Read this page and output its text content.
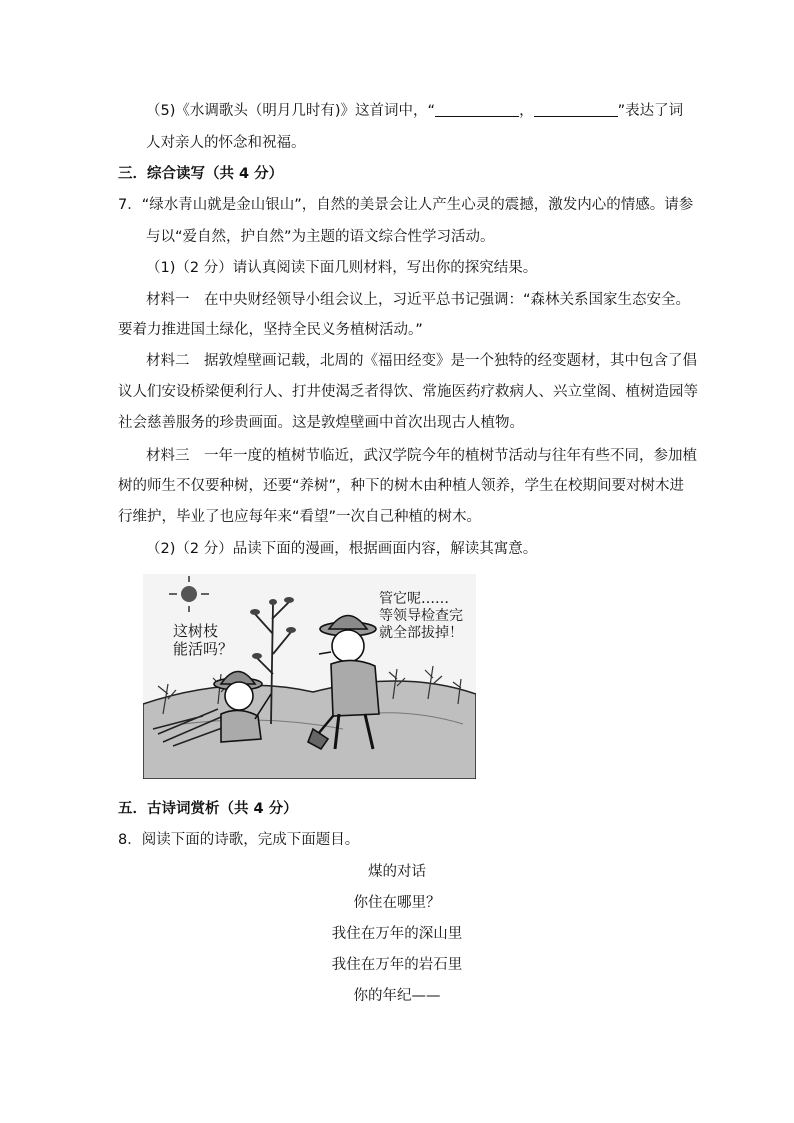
（5)《水调歌头（明月几时有)》这首词中，“	，	”表达了词
人对亲人的怀念和祝福。
三．综合读写（共 4 分）
7．“绿水青山就是金山银山”，自然的美景会让人产生心灵的震撼，激发内心的情感。请参
与以“爱自然，护自然”为主题的语文综合性学习活动。
（1)（2 分）请认真阅读下面几则材料，写出你的探究结果。
材料一　在中央财经领导小组会议上，习近平总书记强调：“森林关系国家生态安全。
要着力推进国土绿化，坚持全民义务植树活动。”
材料二　据敦煌壁画记载，北周的《福田经变》是一个独特的经变题材，其中包含了倡
议人们安设桥梁便利行人、打井使渴乏者得饮、常施医药疗救病人、兴立堂阁、植树造园等
社会慈善服务的珍贵画面。这是敦煌壁画中首次出现古人植物。
材料三　一年一度的植树节临近，武汉学院今年的植树节活动与往年有些不同，参加植
树的师生不仅要种树，还要“养树”，种下的树木由种植人领养，学生在校期间要对树木进
行维护，毕业了也应每年来“看望”一次自己种植的树木。
（2)（2 分）品读下面的漫画，根据画面内容，解读其寓意。
这树枝
能活吗？
管它呢……
等领导检查完
就全部拔掉！
五．古诗词赏析（共 4 分）
8．阅读下面的诗歌，完成下面题目。
煤的对话
你住在哪里？
我住在万年的深山里
我住在万年的岩石里
你的年纪——
